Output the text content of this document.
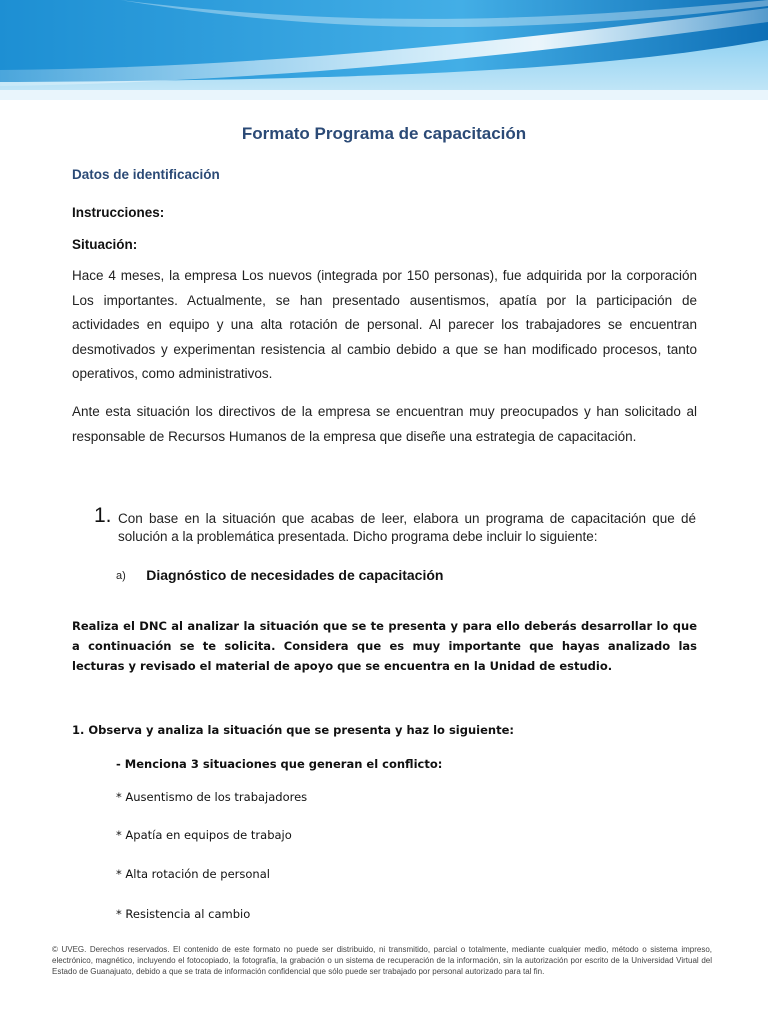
Formato Programa de capacitación
Datos de identificación
Instrucciones:
Situación:

Hace 4 meses, la empresa Los nuevos (integrada por 150 personas), fue adquirida por la corporación Los importantes. Actualmente, se han presentado ausentismos, apatía por la participación de actividades en equipo y una alta rotación de personal. Al parecer los trabajadores se encuentran desmotivados y experimentan resistencia al cambio debido a que se han modificado procesos, tanto operativos, como administrativos.

Ante esta situación los directivos de la empresa se encuentran muy preocupados y han solicitado al responsable de Recursos Humanos de la empresa que diseñe una estrategia de capacitación.

1. Con base en la situación que acabas de leer, elabora un programa de capacitación que dé solución a la problemática presentada. Dicho programa debe incluir lo siguiente:
a) Diagnóstico de necesidades de capacitación

Realiza el DNC al analizar la situación que se te presenta y para ello deberás desarrollar lo que a continuación se te solicita. Considera que es muy importante que hayas analizado las lecturas y revisado el material de apoyo que se encuentra en la Unidad de estudio.

1. Observa y analiza la situación que se presenta y haz lo siguiente:
- Menciona 3 situaciones que generan el conflicto:
* Ausentismo de los trabajadores
* Apatía en equipos de trabajo
* Alta rotación de personal
* Resistencia al cambio

© UVEG. Derechos reservados. El contenido de este formato no puede ser distribuido, ni transmitido, parcial o totalmente, mediante cualquier medio, método o sistema impreso, electrónico, magnético, incluyendo el fotocopiado, la fotografía, la grabación o un sistema de recuperación de la información, sin la autorización por escrito de la Universidad Virtual del Estado de Guanajuato, debido a que se trata de información confidencial que sólo puede ser trabajado por personal autorizado para tal fin.
